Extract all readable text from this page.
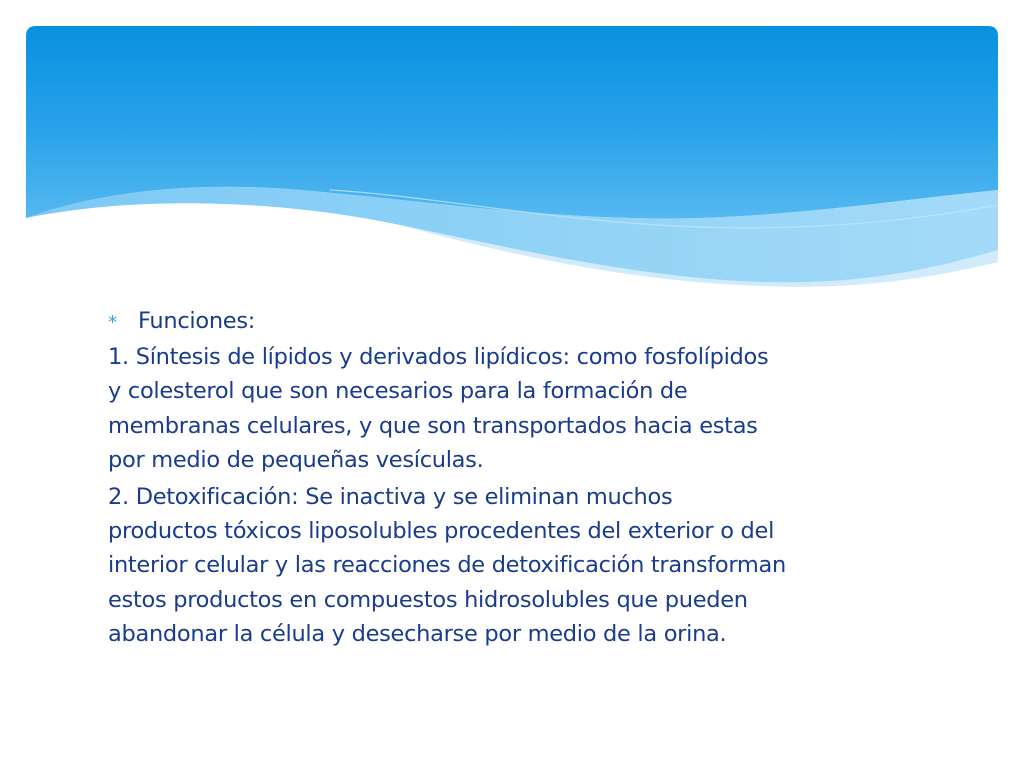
* Funciones:

1. Síntesis de lípidos y derivados lipídicos: como fosfolípidos
y colesterol que son necesarios para la formación de
membranas celulares, y que son transportados hacia estas
por medio de pequeñas vesículas.

2. Detoxificación: Se inactiva y se eliminan muchos
productos tóxicos liposolubles procedentes del exterior o del
interior celular y las reacciones de detoxificación transforman
estos productos en compuestos hidrosolubles que pueden
abandonar la célula y desecharse por medio de la orina.
